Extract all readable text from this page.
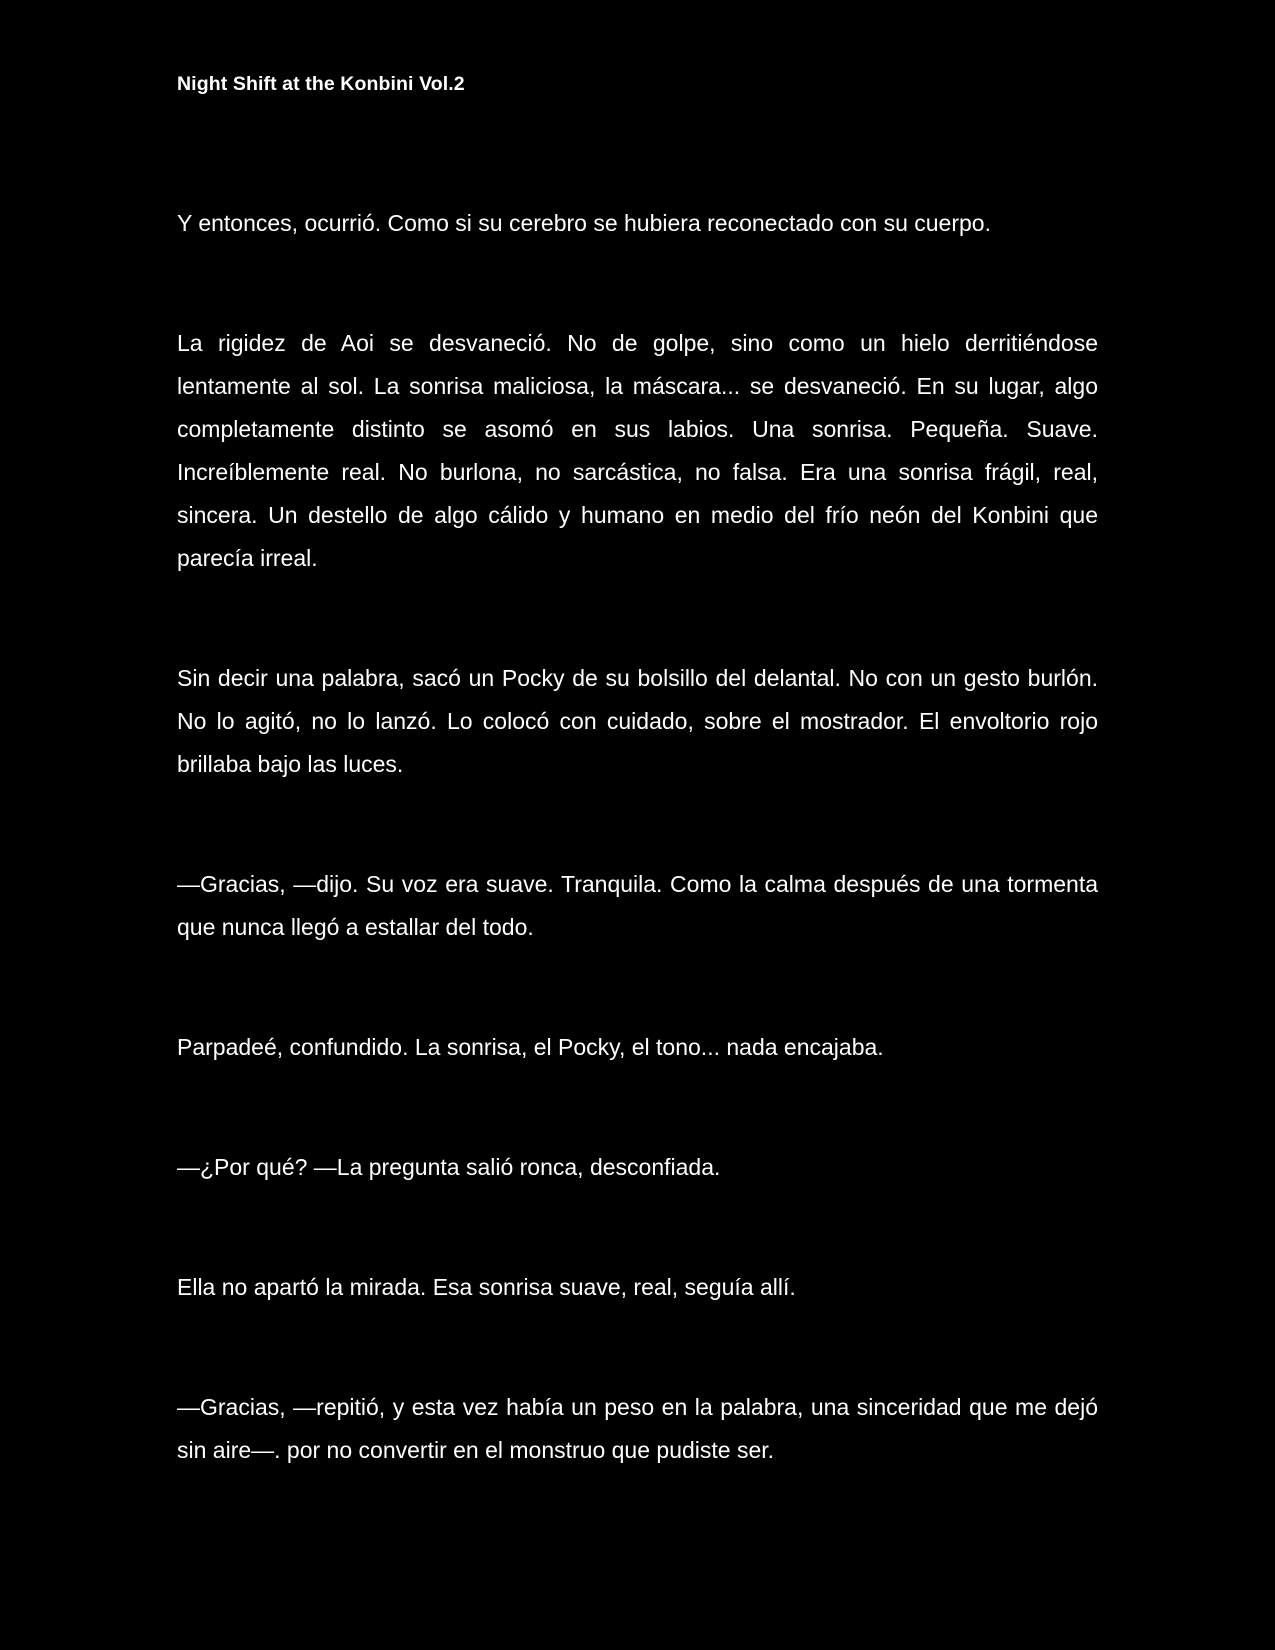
Night Shift at the Konbini Vol.2

Y entonces, ocurrió. Como si su cerebro se hubiera reconectado con su cuerpo.

La rigidez de Aoi se desvaneció. No de golpe, sino como un hielo derritiéndose lentamente al sol. La sonrisa maliciosa, la máscara... se desvaneció. En su lugar, algo completamente distinto se asomó en sus labios. Una sonrisa. Pequeña. Suave. Increíblemente real. No burlona, no sarcástica, no falsa. Era una sonrisa frágil, real, sincera. Un destello de algo cálido y humano en medio del frío neón del Konbini que parecía irreal.

Sin decir una palabra, sacó un Pocky de su bolsillo del delantal. No con un gesto burlón. No lo agitó, no lo lanzó. Lo colocó con cuidado, sobre el mostrador. El envoltorio rojo brillaba bajo las luces.

—Gracias, —dijo. Su voz era suave. Tranquila. Como la calma después de una tormenta que nunca llegó a estallar del todo.

Parpadeé, confundido. La sonrisa, el Pocky, el tono... nada encajaba.

—¿Por qué? —La pregunta salió ronca, desconfiada.

Ella no apartó la mirada. Esa sonrisa suave, real, seguía allí.

—Gracias, —repitió, y esta vez había un peso en la palabra, una sinceridad que me dejó sin aire—. por no convertir en el monstruo que pudiste ser.
